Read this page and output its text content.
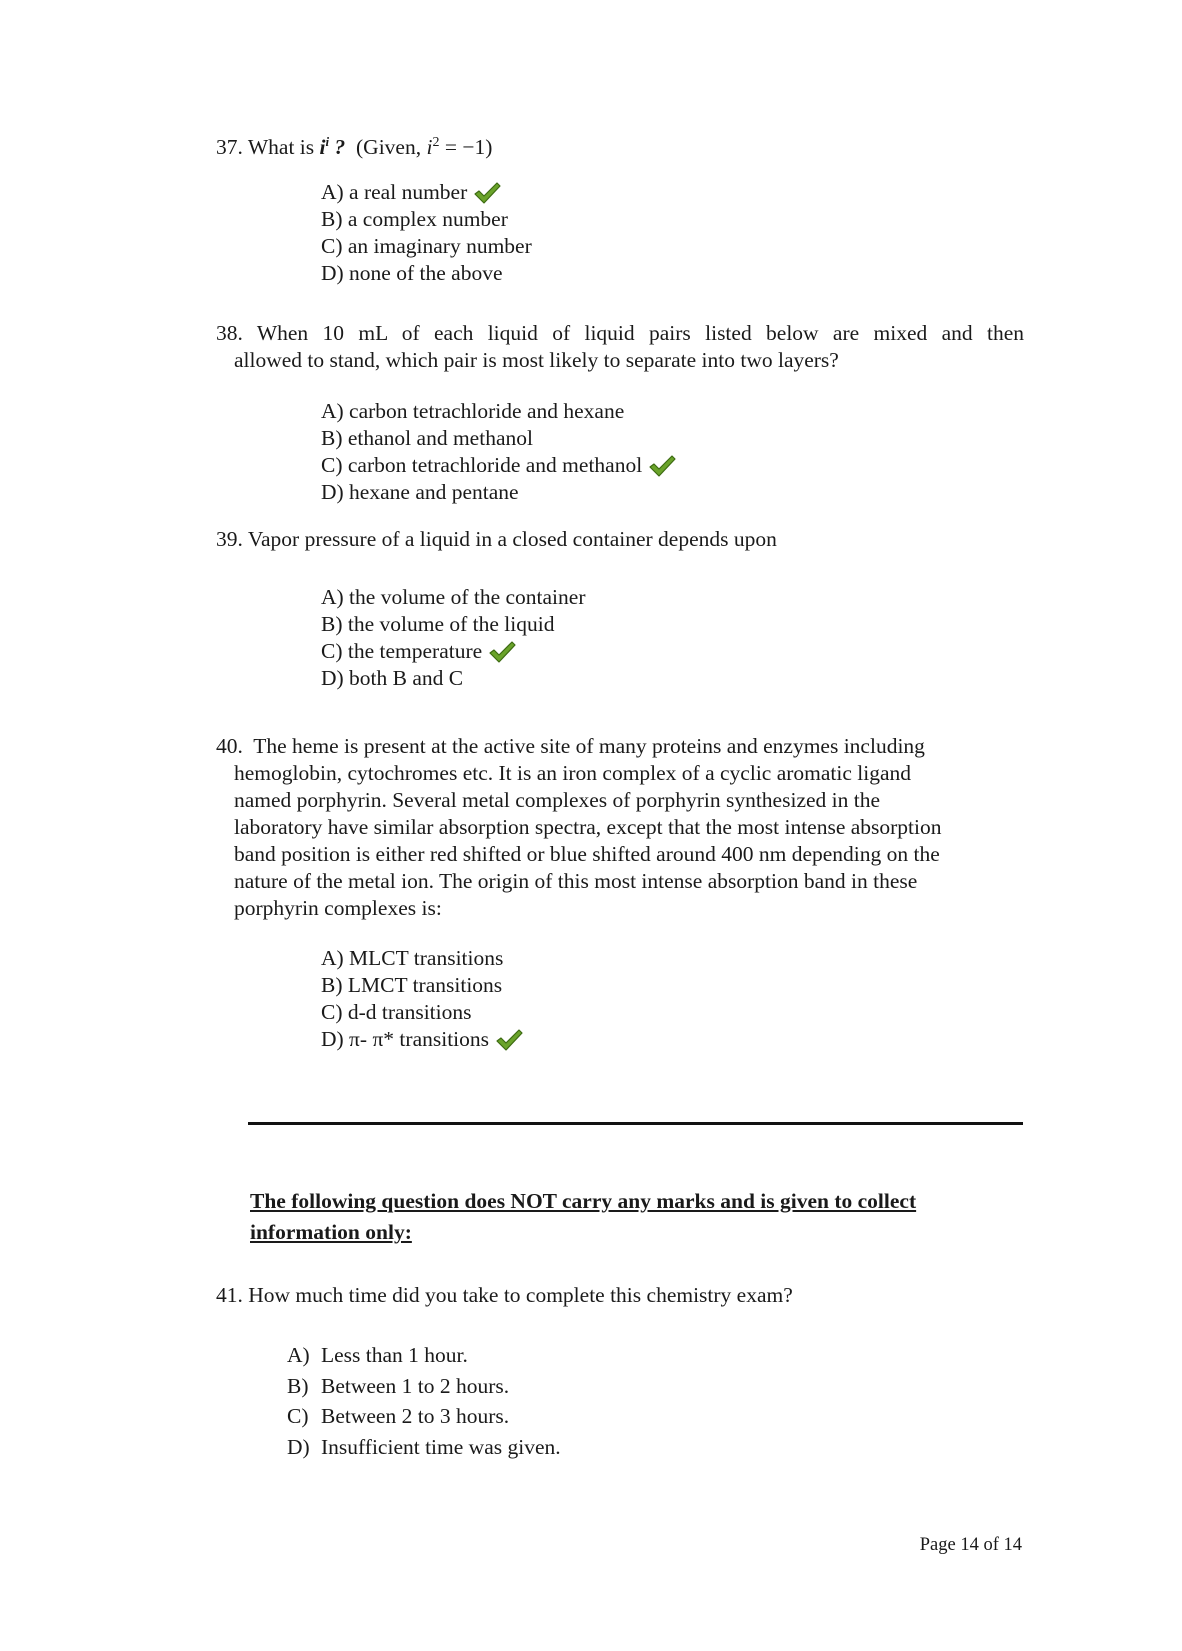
37. What is $i^i$ ? (Given, $i^2 = -1$)
A) a real number
B) a complex number
C) an imaginary number
D) none of the above
38. When 10 mL of each liquid of liquid pairs listed below are mixed and then
allowed to stand, which pair is most likely to separate into two layers?
A) carbon tetrachloride and hexane
B) ethanol and methanol
C) carbon tetrachloride and methanol
D) hexane and pentane
39. Vapor pressure of a liquid in a closed container depends upon
A) the volume of the container
B) the volume of the liquid
C) the temperature
D) both B and C
40. The heme is present at the active site of many proteins and enzymes including
hemoglobin, cytochromes etc. It is an iron complex of a cyclic aromatic ligand
named porphyrin. Several metal complexes of porphyrin synthesized in the
laboratory have similar absorption spectra, except that the most intense absorption
band position is either red shifted or blue shifted around 400 nm depending on the
nature of the metal ion. The origin of this most intense absorption band in these
porphyrin complexes is:
A) MLCT transitions
B) LMCT transitions
C) d-d transitions
D) π- π* transitions
The following question does NOT carry any marks and is given to collect
information only:
41. How much time did you take to complete this chemistry exam?
A) Less than 1 hour.
B) Between 1 to 2 hours.
C) Between 2 to 3 hours.
D) Insufficient time was given.
Page 14 of 14
